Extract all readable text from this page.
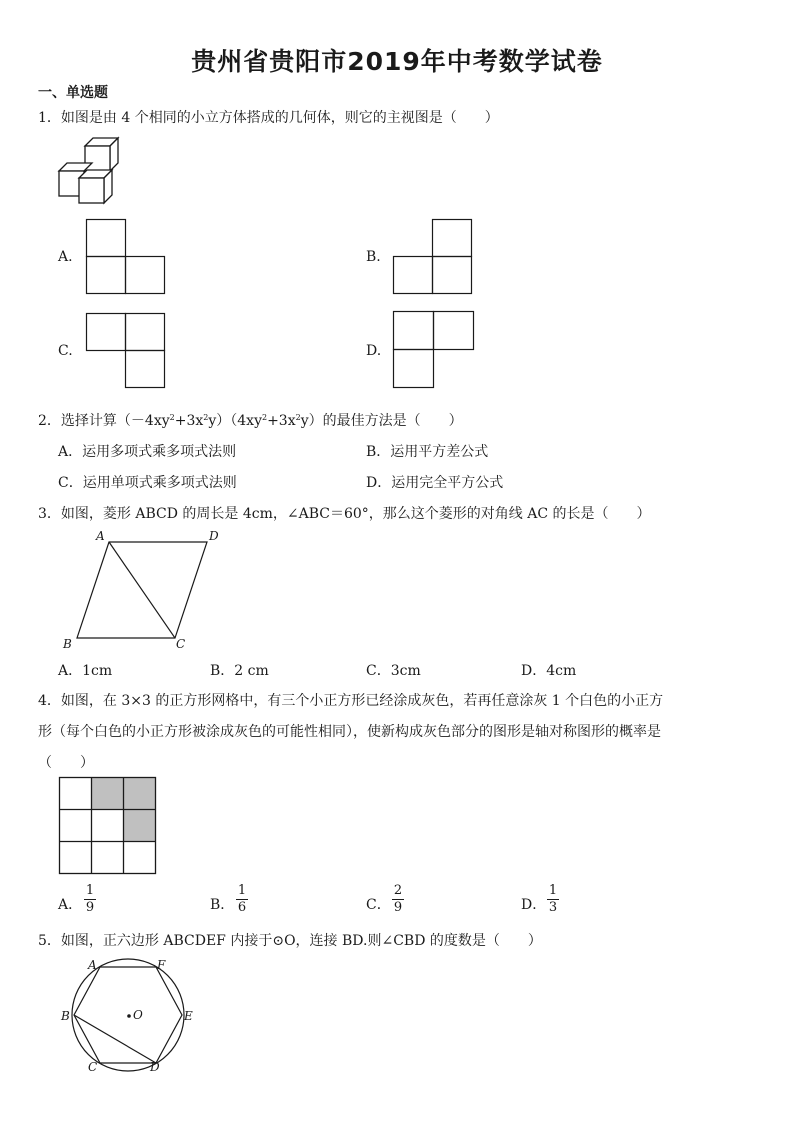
贵州省贵阳市2019年中考数学试卷
一、单选题
1．如图是由 4 个相同的小立方体搭成的几何体，则它的主视图是（　　）
A.	B.
C.	D.
2．选择计算$(-4xy^2+3x^2y)(4xy^2+3x^2y)$的最佳方法是（　　）
A．运用多项式乘多项式法则	B．运用平方差公式
C．运用单项式乘多项式法则	D．运用完全平方公式
3．如图，菱形 ABCD 的周长是 4cm，∠ABC＝60°，那么这个菱形的对角线 AC 的长是（　　）
A	D
B	C
A．1cm	B．2 cm	C．3cm	D．4cm
4．如图，在 3×3 的正方形网格中，有三个小正方形已经涂成灰色，若再任意涂灰 1 个白色的小正方
形（每个白色的小正方形被涂成灰色的可能性相同），使新构成灰色部分的图形是轴对称图形的概率是
（　　）
A．
1
9	B．
1
6	C．
2
9	D．
1
3
5．如图，正六边形 ABCDEF 内接于⊙O，连接 BD.则∠CBD 的度数是（　　）
A	F
B	O	E
C	D
